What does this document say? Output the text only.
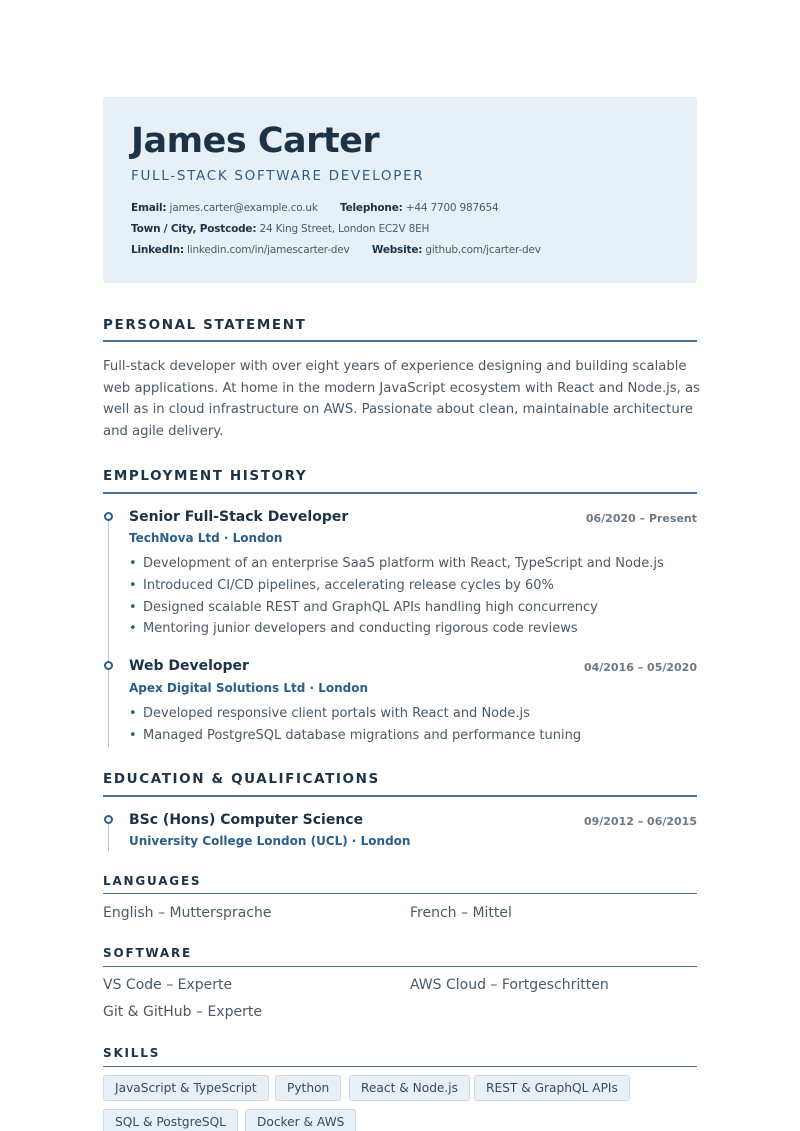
James Carter
FULL-STACK SOFTWARE DEVELOPER
Email: james.carter@example.co.uk Telephone: +44 7700 987654
Town / City, Postcode: 24 King Street, London EC2V 8EH
LinkedIn: linkedin.com/in/jamescarter-dev Website: github.com/jcarter-dev
PERSONAL STATEMENT
Full-stack developer with over eight years of experience designing and building scalable web applications. At home in the modern JavaScript ecosystem with React and Node.js, as well as in cloud infrastructure on AWS. Passionate about clean, maintainable architecture and agile delivery.
EMPLOYMENT HISTORY
Senior Full-Stack Developer	06/2020 – Present
TechNova Ltd · London
• Development of an enterprise SaaS platform with React, TypeScript and Node.js
• Introduced CI/CD pipelines, accelerating release cycles by 60%
• Designed scalable REST and GraphQL APIs handling high concurrency
• Mentoring junior developers and conducting rigorous code reviews
Web Developer	04/2016 – 05/2020
Apex Digital Solutions Ltd · London
• Developed responsive client portals with React and Node.js
• Managed PostgreSQL database migrations and performance tuning
EDUCATION & QUALIFICATIONS
BSc (Hons) Computer Science	09/2012 – 06/2015
University College London (UCL) · London
LANGUAGES
English – Muttersprache	French – Mittel
SOFTWARE
VS Code – Experte	AWS Cloud – Fortgeschritten
Git & GitHub – Experte
SKILLS
JavaScript & TypeScript	Python	React & Node.js	REST & GraphQL APIs
SQL & PostgreSQL	Docker & AWS
